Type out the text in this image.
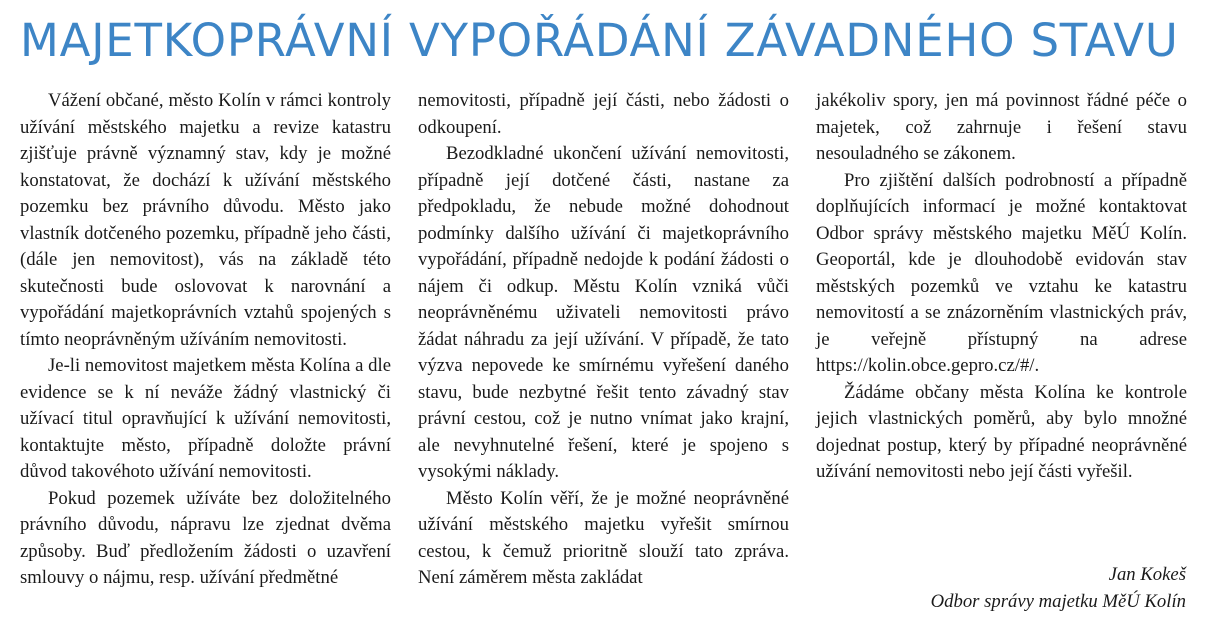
MAJETKOPRÁVNÍ VYPOŘÁDÁNÍ ZÁVADNÉHO STAVU

Vážení občané, město Kolín v rámci kontroly užívání městského majetku a revize katastru zjišťuje právně významný stav, kdy je možné konstatovat, že dochází k užívání městského pozemku bez právního důvodu. Město jako vlastník dotčeného pozemku, případně jeho části, (dále jen nemovitost), vás na základě této skutečnosti bude oslovovat k narovnání a vypořádání majetkoprávních vztahů spojených s tímto neoprávněným užíváním nemovitosti.

Je-li nemovitost majetkem města Kolína a dle evidence se k ní neváže žádný vlastnický či užívací titul opravňující k užívání nemovitosti, kontaktujte město, případně doložte právní důvod takovéhoto užívání nemovitosti.

Pokud pozemek užíváte bez doložitelného právního důvodu, nápravu lze zjednat dvěma způsoby. Buď předložením žádosti o uzavření smlouvy o nájmu, resp. užívání předmětné

nemovitosti, případně její části, nebo žádosti o odkoupení.

Bezodkladné ukončení užívání nemovitosti, případně její dotčené části, nastane za předpokladu, že nebude možné dohodnout podmínky dalšího užívání či majetkoprávního vypořádání, případně nedojde k podání žádosti o nájem či odkup. Městu Kolín vzniká vůči neoprávněnému uživateli nemovitosti právo žádat náhradu za její užívání. V případě, že tato výzva nepovede ke smírnému vyřešení daného stavu, bude nezbytné řešit tento závadný stav právní cestou, což je nutno vnímat jako krajní, ale nevyhnutelné řešení, které je spojeno s vysokými náklady.

Město Kolín věří, že je možné neoprávněné užívání městského majetku vyřešit smírnou cestou, k čemuž prioritně slouží tato zpráva. Není záměrem města zakládat

jakékoliv spory, jen má povinnost řádné péče o majetek, což zahrnuje i řešení stavu nesouladného se zákonem.

Pro zjištění dalších podrobností a případně doplňujících informací je možné kontaktovat Odbor správy městského majetku MěÚ Kolín. Geoportál, kde je dlouhodobě evidován stav městských pozemků ve vztahu ke katastru nemovitostí a se znázorněním vlastnických práv, je veřejně přístupný na adrese https://kolin.obce.gepro.cz/#/.

Žádáme občany města Kolína ke kontrole jejich vlastnických poměrů, aby bylo množné dojednat postup, který by případné neoprávněné užívání nemovitosti nebo její části vyřešil.

Jan Kokeš
Odbor správy majetku MěÚ Kolín
